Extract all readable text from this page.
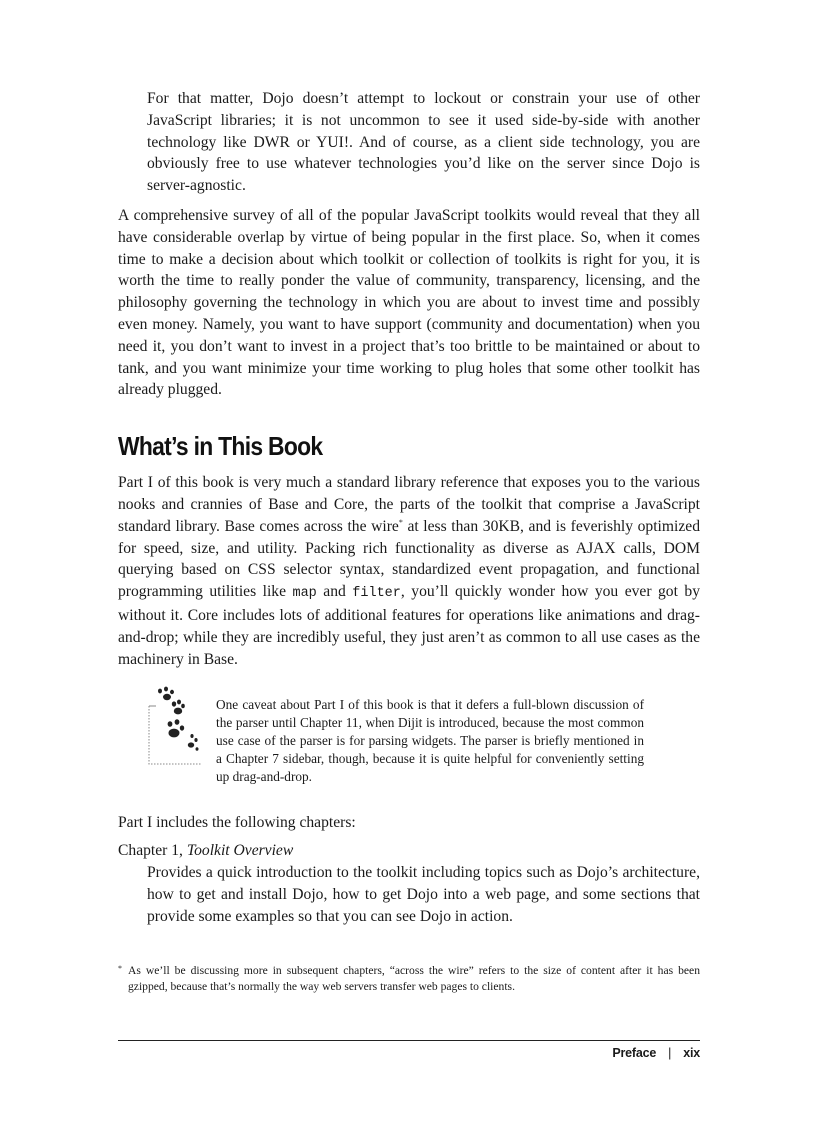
For that matter, Dojo doesn’t attempt to lockout or constrain your use of other JavaScript libraries; it is not uncommon to see it used side-by-side with another technology like DWR or YUI!. And of course, as a client side technology, you are obviously free to use whatever technologies you’d like on the server since Dojo is server-agnostic.

A comprehensive survey of all of the popular JavaScript toolkits would reveal that they all have considerable overlap by virtue of being popular in the first place. So, when it comes time to make a decision about which toolkit or collection of toolkits is right for you, it is worth the time to really ponder the value of community, transparency, licensing, and the philosophy governing the technology in which you are about to invest time and possibly even money. Namely, you want to have support (community and documentation) when you need it, you don’t want to invest in a project that’s too brittle to be maintained or about to tank, and you want minimize your time working to plug holes that some other toolkit has already plugged.

What’s in This Book

Part I of this book is very much a standard library reference that exposes you to the various nooks and crannies of Base and Core, the parts of the toolkit that comprise a JavaScript standard library. Base comes across the wire* at less than 30KB, and is feverishly optimized for speed, size, and utility. Packing rich functionality as diverse as AJAX calls, DOM querying based on CSS selector syntax, standardized event propagation, and functional programming utilities like map and filter, you’ll quickly wonder how you ever got by without it. Core includes lots of additional features for operations like animations and drag-and-drop; while they are incredibly useful, they just aren’t as common to all use cases as the machinery in Base.

One caveat about Part I of this book is that it defers a full-blown discussion of the parser until Chapter 11, when Dijit is introduced, because the most common use case of the parser is for parsing widgets. The parser is briefly mentioned in a Chapter 7 sidebar, though, because it is quite helpful for conveniently setting up drag-and-drop.

Part I includes the following chapters:

Chapter 1, Toolkit Overview

Provides a quick introduction to the toolkit including topics such as Dojo’s architecture, how to get and install Dojo, how to get Dojo into a web page, and some sections that provide some examples so that you can see Dojo in action.

* As we’ll be discussing more in subsequent chapters, “across the wire” refers to the size of content after it has been gzipped, because that’s normally the way web servers transfer web pages to clients.
Preface | xix
